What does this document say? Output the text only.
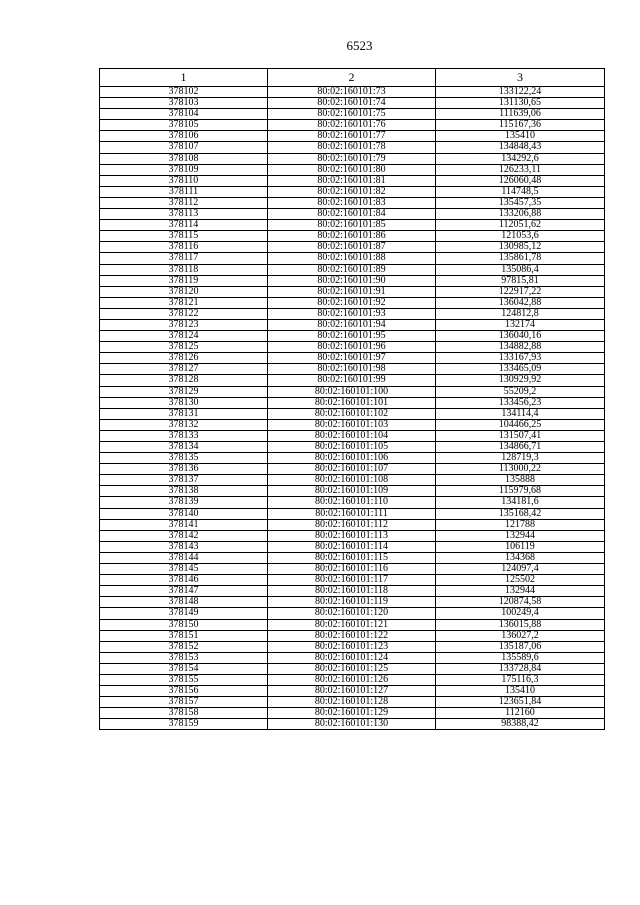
6523
1	2	3
378102	80:02:160101:73	133122,24
378103	80:02:160101:74	131130,65
378104	80:02:160101:75	111639,06
378105	80:02:160101:76	115167,36
378106	80:02:160101:77	135410
378107	80:02:160101:78	134848,43
378108	80:02:160101:79	134292,6
378109	80:02:160101:80	126233,11
378110	80:02:160101:81	126060,48
378111	80:02:160101:82	114748,5
378112	80:02:160101:83	135457,35
378113	80:02:160101:84	133206,88
378114	80:02:160101:85	112051,62
378115	80:02:160101:86	121053,6
378116	80:02:160101:87	130985,12
378117	80:02:160101:88	135861,78
378118	80:02:160101:89	135086,4
378119	80:02:160101:90	97815,81
378120	80:02:160101:91	122917,22
378121	80:02:160101:92	136042,88
378122	80:02:160101:93	124812,8
378123	80:02:160101:94	132174
378124	80:02:160101:95	136040,16
378125	80:02:160101:96	134882,88
378126	80:02:160101:97	133167,93
378127	80:02:160101:98	133465,09
378128	80:02:160101:99	130929,92
378129	80:02:160101:100	55209,2
378130	80:02:160101:101	133456,23
378131	80:02:160101:102	134114,4
378132	80:02:160101:103	104466,25
378133	80:02:160101:104	131507,41
378134	80:02:160101:105	134866,71
378135	80:02:160101:106	128719,3
378136	80:02:160101:107	113000,22
378137	80:02:160101:108	135888
378138	80:02:160101:109	115979,68
378139	80:02:160101:110	134181,6
378140	80:02:160101:111	135168,42
378141	80:02:160101:112	121788
378142	80:02:160101:113	132944
378143	80:02:160101:114	106119
378144	80:02:160101:115	134368
378145	80:02:160101:116	124097,4
378146	80:02:160101:117	125502
378147	80:02:160101:118	132944
378148	80:02:160101:119	120874,58
378149	80:02:160101:120	100249,4
378150	80:02:160101:121	136015,88
378151	80:02:160101:122	136027,2
378152	80:02:160101:123	135187,06
378153	80:02:160101:124	135589,6
378154	80:02:160101:125	133728,84
378155	80:02:160101:126	175116,3
378156	80:02:160101:127	135410
378157	80:02:160101:128	123651,84
378158	80:02:160101:129	112160
378159	80:02:160101:130	98388,42
